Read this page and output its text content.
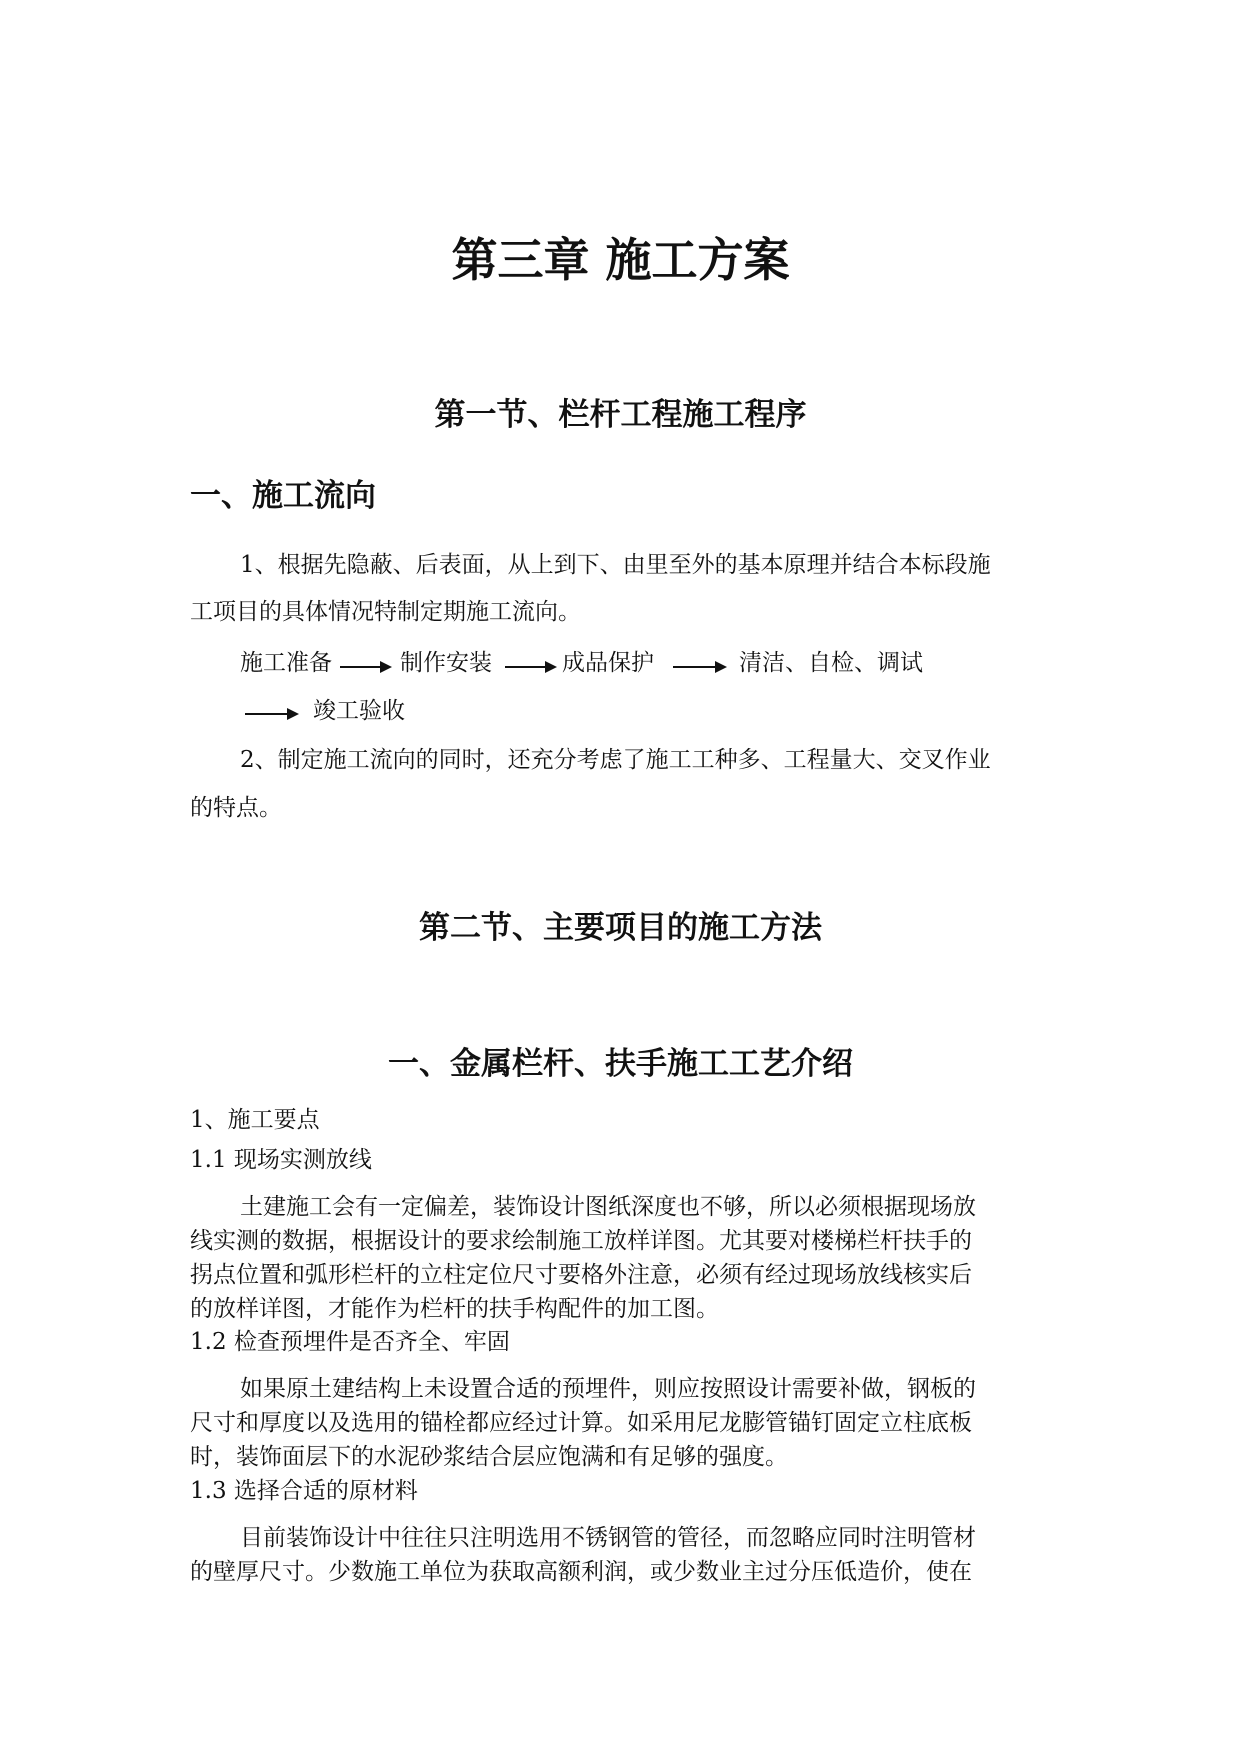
第三章 施工方案
第一节、栏杆工程施工程序
一、施工流向
1、根据先隐蔽、后表面，从上到下、由里至外的基本原理并结合本标段施
工项目的具体情况特制定期施工流向。
施工准备	制作安装	成品保护	清洁、自检、调试
竣工验收
2、制定施工流向的同时，还充分考虑了施工工种多、工程量大、交叉作业
的特点。
第二节、主要项目的施工方法
一、金属栏杆、扶手施工工艺介绍
1、施工要点
1.1 现场实测放线
土建施工会有一定偏差，装饰设计图纸深度也不够，所以必须根据现场放
线实测的数据，根据设计的要求绘制施工放样详图。尤其要对楼梯栏杆扶手的
拐点位置和弧形栏杆的立柱定位尺寸要格外注意，必须有经过现场放线核实后
的放样详图，才能作为栏杆的扶手构配件的加工图。
1.2 检查预埋件是否齐全、牢固
如果原土建结构上未设置合适的预埋件，则应按照设计需要补做，钢板的
尺寸和厚度以及选用的锚栓都应经过计算。如采用尼龙膨管锚钉固定立柱底板
时，装饰面层下的水泥砂浆结合层应饱满和有足够的强度。
1.3 选择合适的原材料
目前装饰设计中往往只注明选用不锈钢管的管径，而忽略应同时注明管材
的壁厚尺寸。少数施工单位为获取高额利润，或少数业主过分压低造价，使在
